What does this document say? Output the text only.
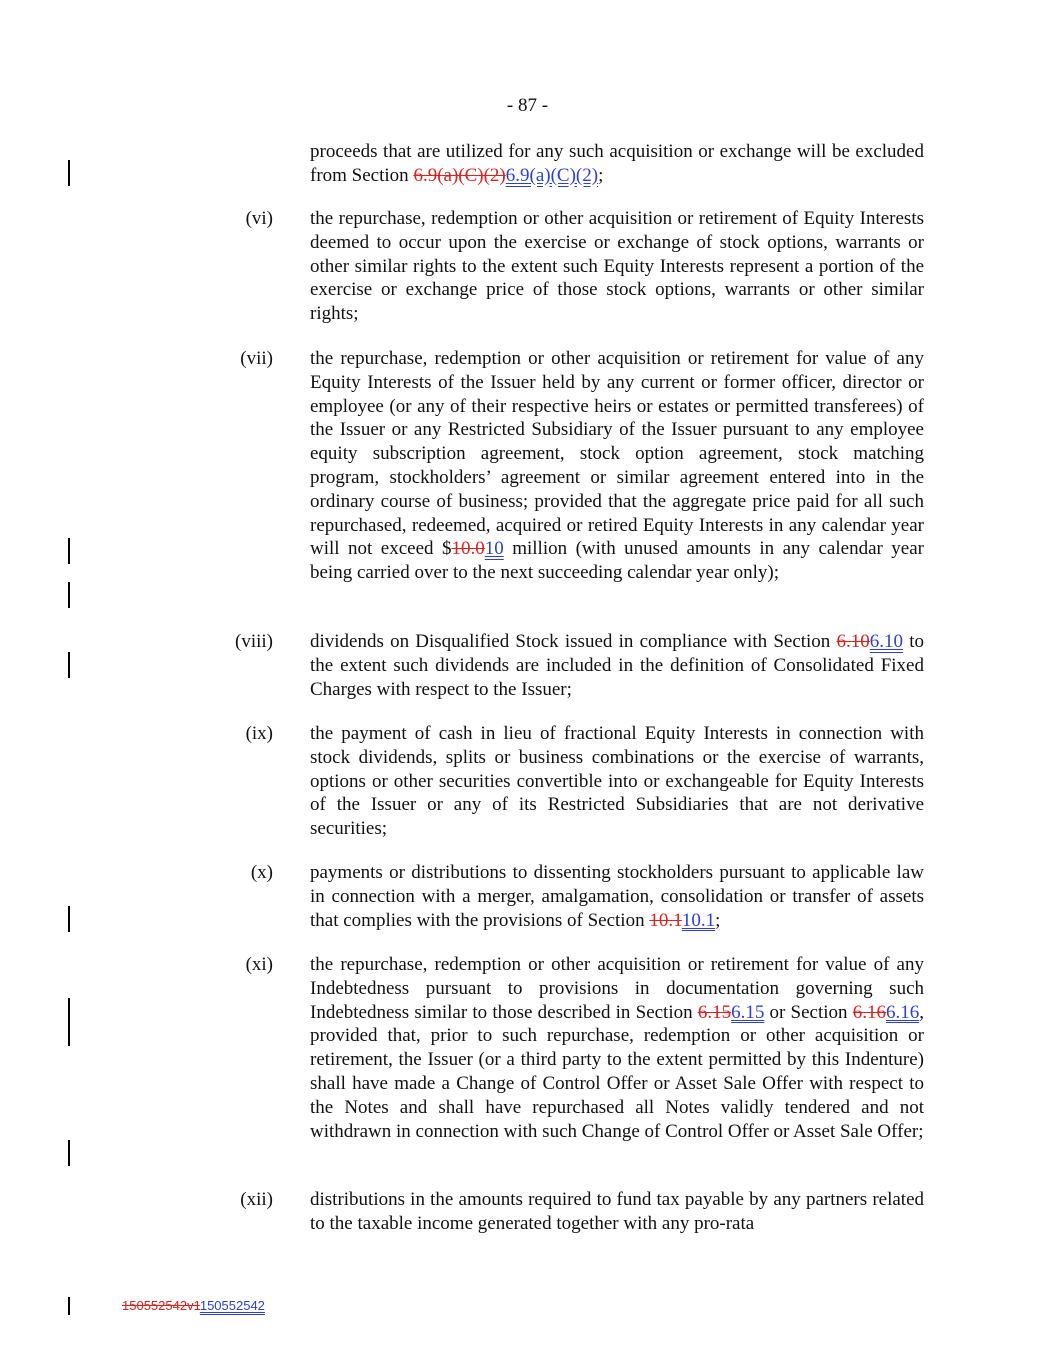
- 87 -

proceeds that are utilized for any such acquisition or exchange will be excluded from Section 6.9(a)(C)(2)6.9(a)(C)(2);

(vi) the repurchase, redemption or other acquisition or retirement of Equity Interests deemed to occur upon the exercise or exchange of stock options, warrants or other similar rights to the extent such Equity Interests represent a portion of the exercise or exchange price of those stock options, warrants or other similar rights;

(vii) the repurchase, redemption or other acquisition or retirement for value of any Equity Interests of the Issuer held by any current or former officer, director or employee (or any of their respective heirs or estates or permitted transferees) of the Issuer or any Restricted Subsidiary of the Issuer pursuant to any employee equity subscription agreement, stock option agreement, stock matching program, stockholders’ agreement or similar agreement entered into in the ordinary course of business; provided that the aggregate price paid for all such repurchased, redeemed, acquired or retired Equity Interests in any calendar year will not exceed $10.010 million (with unused amounts in any calendar year being carried over to the next succeeding calendar year only);

(viii) dividends on Disqualified Stock issued in compliance with Section 6.106.10 to the extent such dividends are included in the definition of Consolidated Fixed Charges with respect to the Issuer;

(ix) the payment of cash in lieu of fractional Equity Interests in connection with stock dividends, splits or business combinations or the exercise of warrants, options or other securities convertible into or exchangeable for Equity Interests of the Issuer or any of its Restricted Subsidiaries that are not derivative securities;

(x) payments or distributions to dissenting stockholders pursuant to applicable law in connection with a merger, amalgamation, consolidation or transfer of assets that complies with the provisions of Section 10.110.1;

(xi) the repurchase, redemption or other acquisition or retirement for value of any Indebtedness pursuant to provisions in documentation governing such Indebtedness similar to those described in Section 6.156.15 or Section 6.166.16, provided that, prior to such repurchase, redemption or other acquisition or retirement, the Issuer (or a third party to the extent permitted by this Indenture) shall have made a Change of Control Offer or Asset Sale Offer with respect to the Notes and shall have repurchased all Notes validly tendered and not withdrawn in connection with such Change of Control Offer or Asset Sale Offer;

(xii) distributions in the amounts required to fund tax payable by any partners related to the taxable income generated together with any pro-rata

150552542v1150552542
